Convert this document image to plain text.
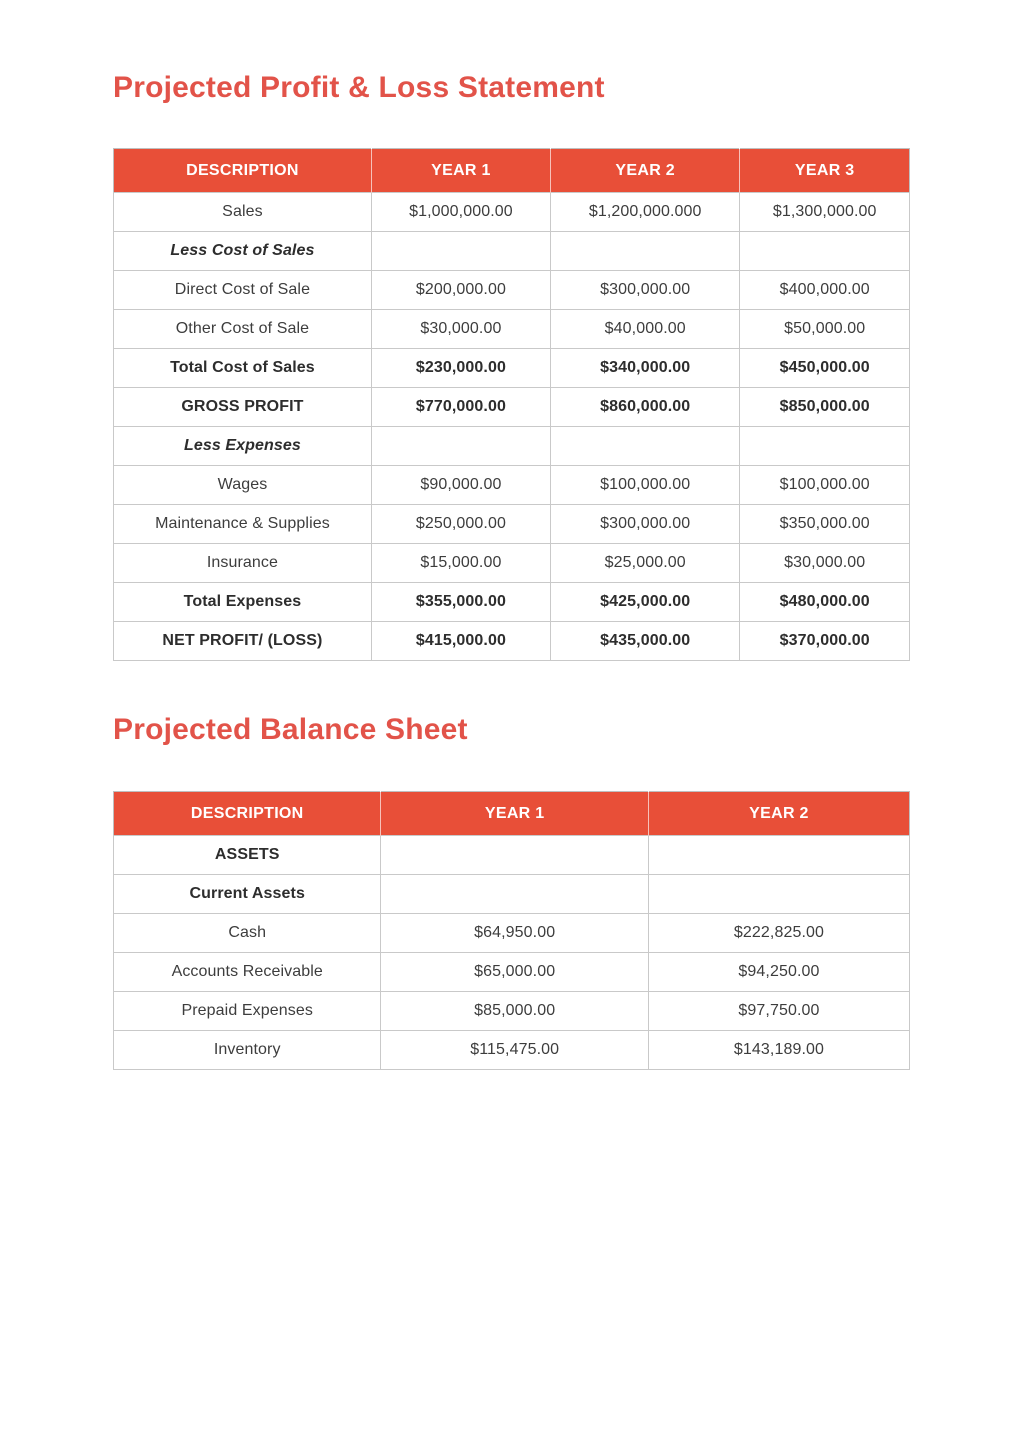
Projected Profit & Loss Statement
DESCRIPTION	YEAR 1	YEAR 2	YEAR 3
Sales	$1,000,000.00	$1,200,000.000	$1,300,000.00
Less Cost of Sales			
Direct Cost of Sale	$200,000.00	$300,000.00	$400,000.00
Other Cost of Sale	$30,000.00	$40,000.00	$50,000.00
Total Cost of Sales	$230,000.00	$340,000.00	$450,000.00
GROSS PROFIT	$770,000.00	$860,000.00	$850,000.00
Less Expenses			
Wages	$90,000.00	$100,000.00	$100,000.00
Maintenance & Supplies	$250,000.00	$300,000.00	$350,000.00
Insurance	$15,000.00	$25,000.00	$30,000.00
Total Expenses	$355,000.00	$425,000.00	$480,000.00
NET PROFIT/ (LOSS)	$415,000.00	$435,000.00	$370,000.00
Projected Balance Sheet
DESCRIPTION	YEAR 1	YEAR 2
ASSETS		
Current Assets		
Cash	$64,950.00	$222,825.00
Accounts Receivable	$65,000.00	$94,250.00
Prepaid Expenses	$85,000.00	$97,750.00
Inventory	$115,475.00	$143,189.00
